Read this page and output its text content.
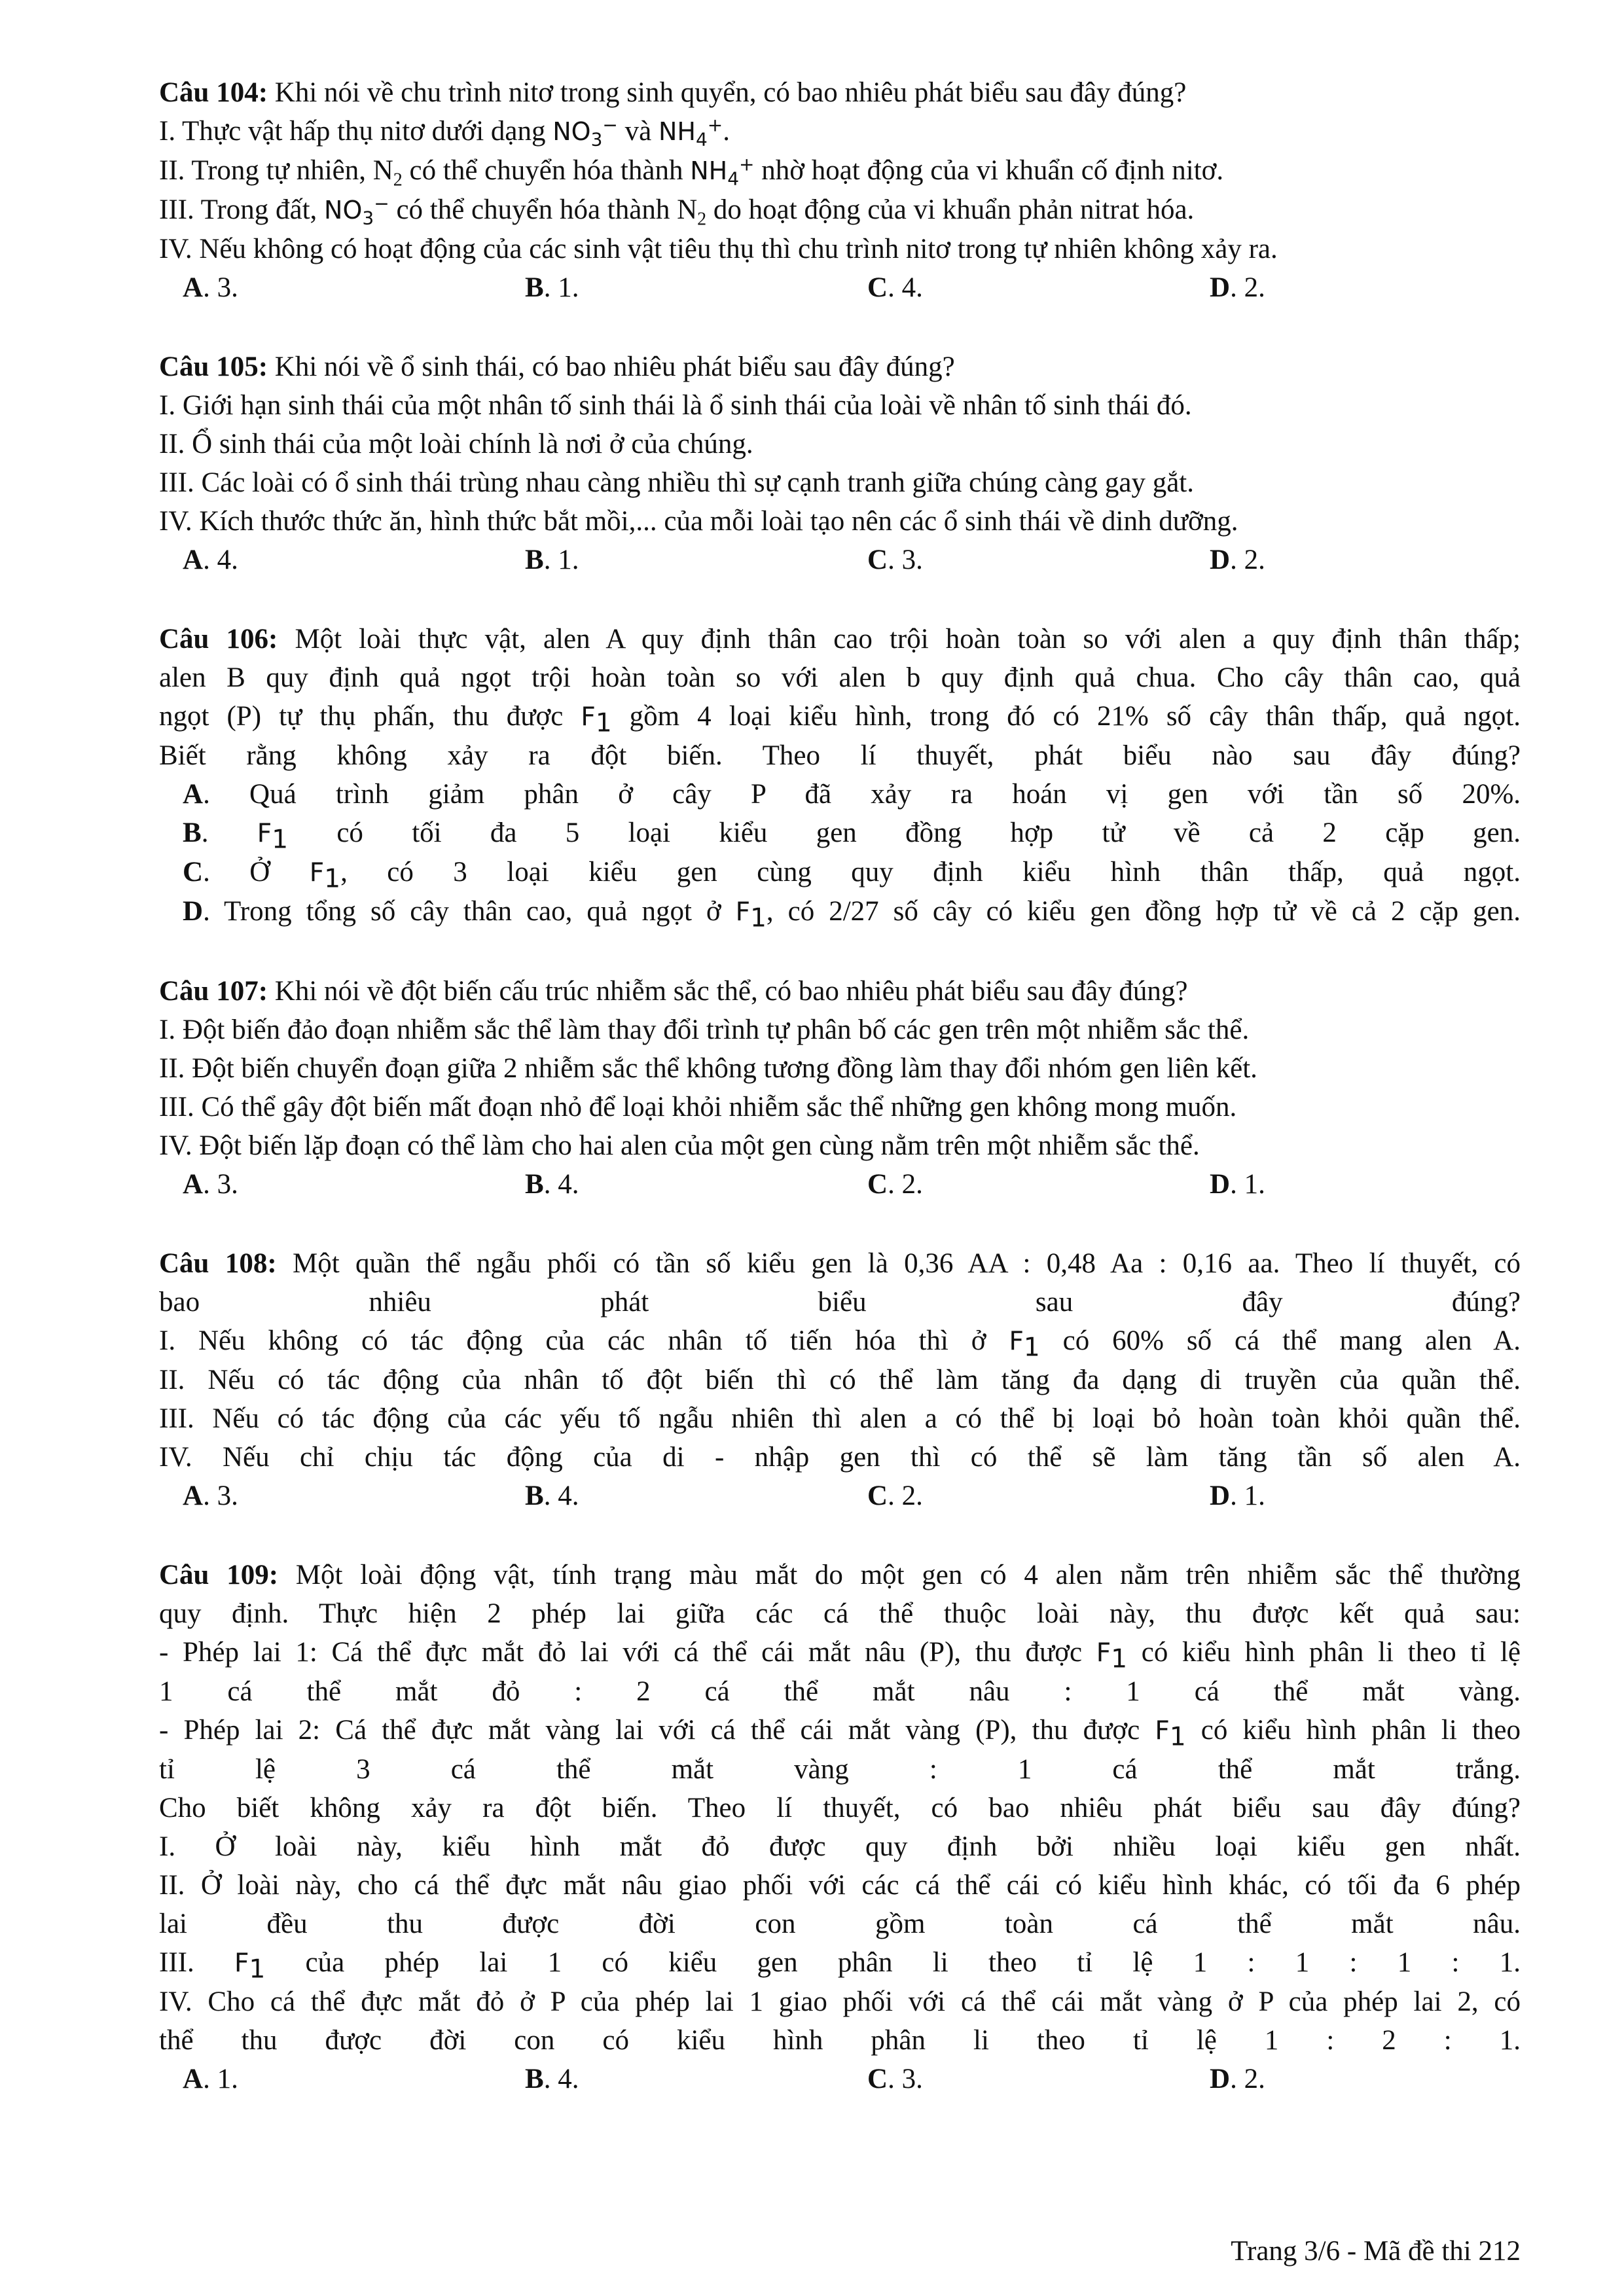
Câu 104: Khi nói về chu trình nitơ trong sinh quyển, có bao nhiêu phát biểu sau đây đúng?
I. Thực vật hấp thụ nitơ dưới dạng $NO_3^-$ và $NH_4^+$.
II. Trong tự nhiên, $N_2$ có thể chuyển hóa thành $NH_4^+$ nhờ hoạt động của vi khuẩn cố định nitơ.
III. Trong đất, $NO_3^-$ có thể chuyển hóa thành $N_2$ do hoạt động của vi khuẩn phản nitrat hóa.
IV. Nếu không có hoạt động của các sinh vật tiêu thụ thì chu trình nitơ trong tự nhiên không xảy ra.
A. 3.	B. 1.	C. 4.	D. 2.
Câu 105: Khi nói về ổ sinh thái, có bao nhiêu phát biểu sau đây đúng?
I. Giới hạn sinh thái của một nhân tố sinh thái là ổ sinh thái của loài về nhân tố sinh thái đó.
II. Ổ sinh thái của một loài chính là nơi ở của chúng.
III. Các loài có ổ sinh thái trùng nhau càng nhiều thì sự cạnh tranh giữa chúng càng gay gắt.
IV. Kích thước thức ăn, hình thức bắt mồi,... của mỗi loài tạo nên các ổ sinh thái về dinh dưỡng.
A. 4.	B. 1.	C. 3.	D. 2.
Câu 106: Một loài thực vật, alen A quy định thân cao trội hoàn toàn so với alen a quy định thân thấp;
alen B quy định quả ngọt trội hoàn toàn so với alen b quy định quả chua. Cho cây thân cao, quả
ngọt (P) tự thụ phấn, thu được $F_1$ gồm 4 loại kiểu hình, trong đó có 21% số cây thân thấp, quả ngọt.
Biết rằng không xảy ra đột biến. Theo lí thuyết, phát biểu nào sau đây đúng?
A. Quá trình giảm phân ở cây P đã xảy ra hoán vị gen với tần số 20%.
B. $F_1$ có tối đa 5 loại kiểu gen đồng hợp tử về cả 2 cặp gen.
C. Ở $F_1$, có 3 loại kiểu gen cùng quy định kiểu hình thân thấp, quả ngọt.
D. Trong tổng số cây thân cao, quả ngọt ở $F_1$, có 2/27 số cây có kiểu gen đồng hợp tử về cả 2 cặp gen.
Câu 107: Khi nói về đột biến cấu trúc nhiễm sắc thể, có bao nhiêu phát biểu sau đây đúng?
I. Đột biến đảo đoạn nhiễm sắc thể làm thay đổi trình tự phân bố các gen trên một nhiễm sắc thể.
II. Đột biến chuyển đoạn giữa 2 nhiễm sắc thể không tương đồng làm thay đổi nhóm gen liên kết.
III. Có thể gây đột biến mất đoạn nhỏ để loại khỏi nhiễm sắc thể những gen không mong muốn.
IV. Đột biến lặp đoạn có thể làm cho hai alen của một gen cùng nằm trên một nhiễm sắc thể.
A. 3.	B. 4.	C. 2.	D. 1.
Câu 108: Một quần thể ngẫu phối có tần số kiểu gen là 0,36 AA : 0,48 Aa : 0,16 aa. Theo lí thuyết, có
bao nhiêu phát biểu sau đây đúng?
I. Nếu không có tác động của các nhân tố tiến hóa thì ở $F_1$ có 60% số cá thể mang alen A.
II. Nếu có tác động của nhân tố đột biến thì có thể làm tăng đa dạng di truyền của quần thể.
III. Nếu có tác động của các yếu tố ngẫu nhiên thì alen a có thể bị loại bỏ hoàn toàn khỏi quần thể.
IV. Nếu chỉ chịu tác động của di - nhập gen thì có thể sẽ làm tăng tần số alen A.
A. 3.	B. 4.	C. 2.	D. 1.
Câu 109: Một loài động vật, tính trạng màu mắt do một gen có 4 alen nằm trên nhiễm sắc thể thường
quy định. Thực hiện 2 phép lai giữa các cá thể thuộc loài này, thu được kết quả sau:
- Phép lai 1: Cá thể đực mắt đỏ lai với cá thể cái mắt nâu (P), thu được $F_1$ có kiểu hình phân li theo tỉ lệ
1 cá thể mắt đỏ : 2 cá thể mắt nâu : 1 cá thể mắt vàng.
- Phép lai 2: Cá thể đực mắt vàng lai với cá thể cái mắt vàng (P), thu được $F_1$ có kiểu hình phân li theo
tỉ lệ 3 cá thể mắt vàng : 1 cá thể mắt trắng.
Cho biết không xảy ra đột biến. Theo lí thuyết, có bao nhiêu phát biểu sau đây đúng?
I. Ở loài này, kiểu hình mắt đỏ được quy định bởi nhiều loại kiểu gen nhất.
II. Ở loài này, cho cá thể đực mắt nâu giao phối với các cá thể cái có kiểu hình khác, có tối đa 6 phép
lai đều thu được đời con gồm toàn cá thể mắt nâu.
III. $F_1$ của phép lai 1 có kiểu gen phân li theo tỉ lệ 1 : 1 : 1 : 1.
IV. Cho cá thể đực mắt đỏ ở P của phép lai 1 giao phối với cá thể cái mắt vàng ở P của phép lai 2, có
thể thu được đời con có kiểu hình phân li theo tỉ lệ 1 : 2 : 1.
A. 1.	B. 4.	C. 3.	D. 2.
Trang 3/6 - Mã đề thi 212
